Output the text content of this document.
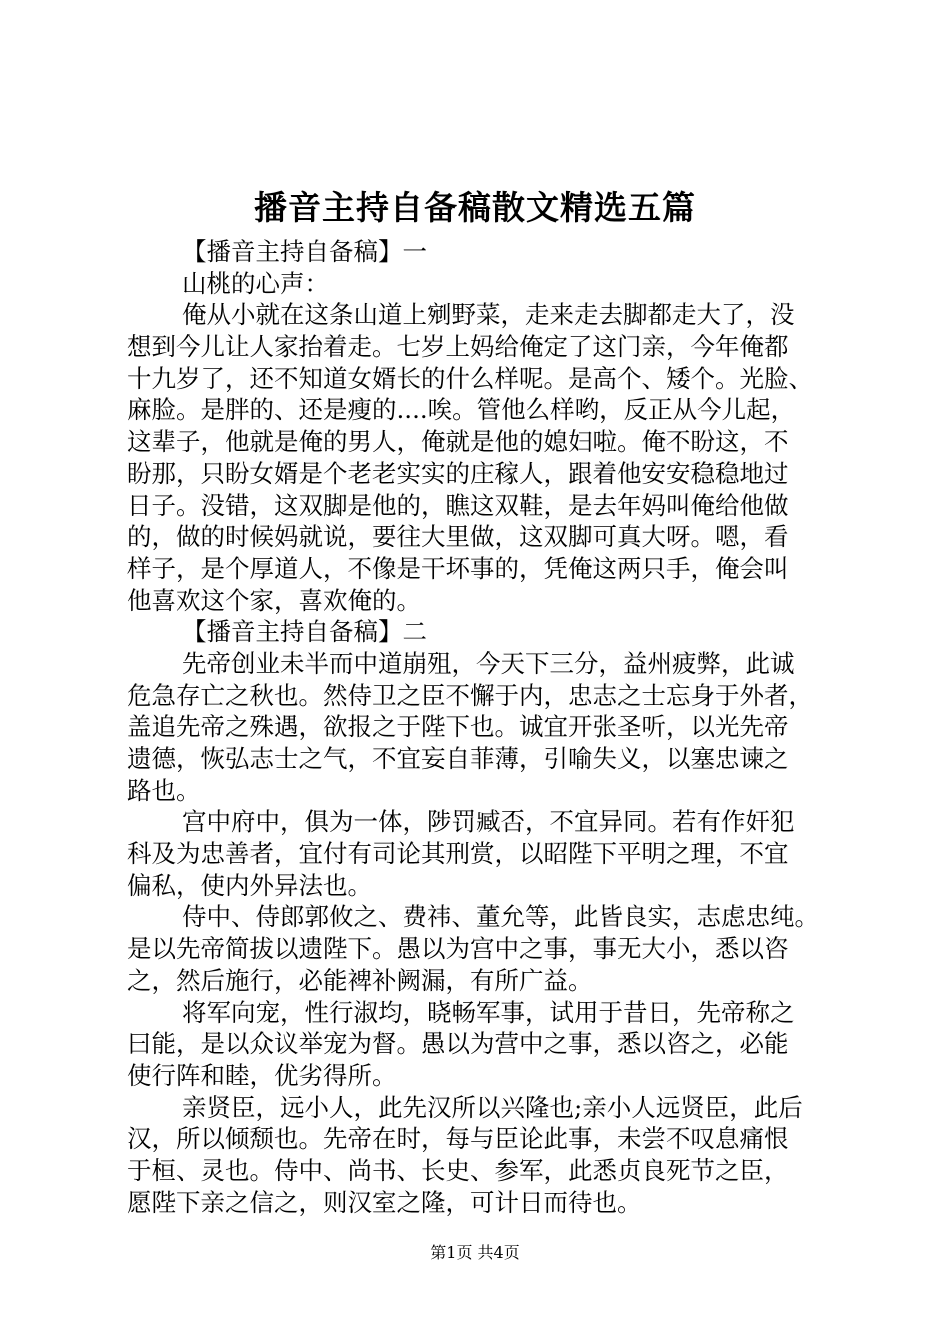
播音主持自备稿散文精选五篇
【播音主持自备稿】一
山桃的心声：
俺从小就在这条山道上剜野菜，走来走去脚都走大了，没
想到今儿让人家抬着走。七岁上妈给俺定了这门亲，今年俺都
十九岁了，还不知道女婿长的什么样呢。是高个、矮个。光脸、
麻脸。是胖的、还是瘦的....唉。管他么样哟，反正从今儿起，
这辈子，他就是俺的男人，俺就是他的媳妇啦。俺不盼这，不
盼那，只盼女婿是个老老实实的庄稼人，跟着他安安稳稳地过
日子。没错，这双脚是他的，瞧这双鞋，是去年妈叫俺给他做
的，做的时候妈就说，要往大里做，这双脚可真大呀。嗯，看
样子，是个厚道人，不像是干坏事的，凭俺这两只手，俺会叫
他喜欢这个家，喜欢俺的。
【播音主持自备稿】二
先帝创业未半而中道崩殂，今天下三分，益州疲弊，此诚
危急存亡之秋也。然侍卫之臣不懈于内，忠志之士忘身于外者，
盖追先帝之殊遇，欲报之于陛下也。诚宜开张圣听，以光先帝
遗德，恢弘志士之气，不宜妄自菲薄，引喻失义，以塞忠谏之
路也。
宫中府中，俱为一体，陟罚臧否，不宜异同。若有作奸犯
科及为忠善者，宜付有司论其刑赏，以昭陛下平明之理，不宜
偏私，使内外异法也。
侍中、侍郎郭攸之、费祎、董允等，此皆良实，志虑忠纯。
是以先帝简拔以遗陛下。愚以为宫中之事，事无大小，悉以咨
之，然后施行，必能裨补阙漏，有所广益。
将军向宠，性行淑均，晓畅军事，试用于昔日，先帝称之
曰能，是以众议举宠为督。愚以为营中之事，悉以咨之，必能
使行阵和睦，优劣得所。
亲贤臣，远小人，此先汉所以兴隆也;亲小人远贤臣，此后
汉，所以倾颓也。先帝在时，每与臣论此事，未尝不叹息痛恨
于桓、灵也。侍中、尚书、长史、参军，此悉贞良死节之臣，
愿陛下亲之信之，则汉室之隆，可计日而待也。
第1页 共4页
